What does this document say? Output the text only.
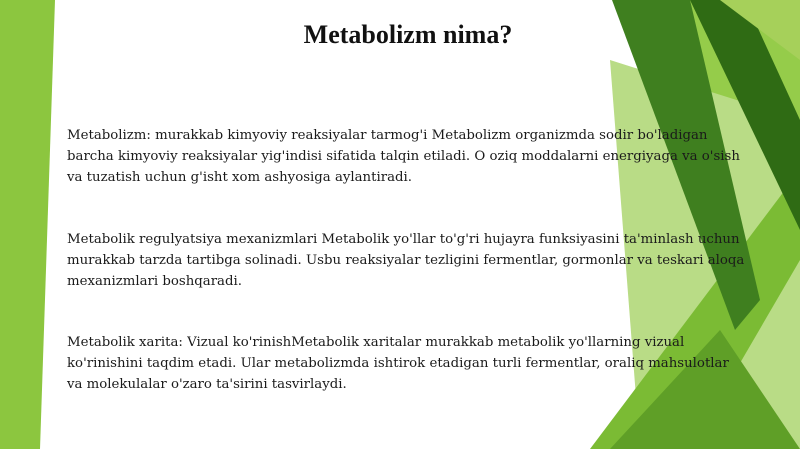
Metabolizm nima?

Metabolizm: murakkab kimyoviy reaksiyalar tarmog'i Metabolizm organizmda sodir bo'ladigan barcha kimyoviy reaksiyalar yig'indisi sifatida talqin etiladi. O oziq moddalarni energiyaga va o'sish va tuzatish uchun g'isht xom ashyosiga aylantiradi.

Metabolik regulyatsiya mexanizmlari Metabolik yo'llar to'g'ri hujayra funksiyasini ta'minlash uchun murakkab tarzda tartibga solinadi. Usbu reaksiyalar tezligini fermentlar, gormonlar va teskari aloqa mexanizmlari boshqaradi.

Metabolik xarita: Vizual ko'rinishMetabolik xaritalar murakkab metabolik yo'llarning vizual ko'rinishini taqdim etadi. Ular metabolizmda ishtirok etadigan turli fermentlar, oraliq mahsulotlar va molekulalar o'zaro ta'sirini tasvirlaydi.
